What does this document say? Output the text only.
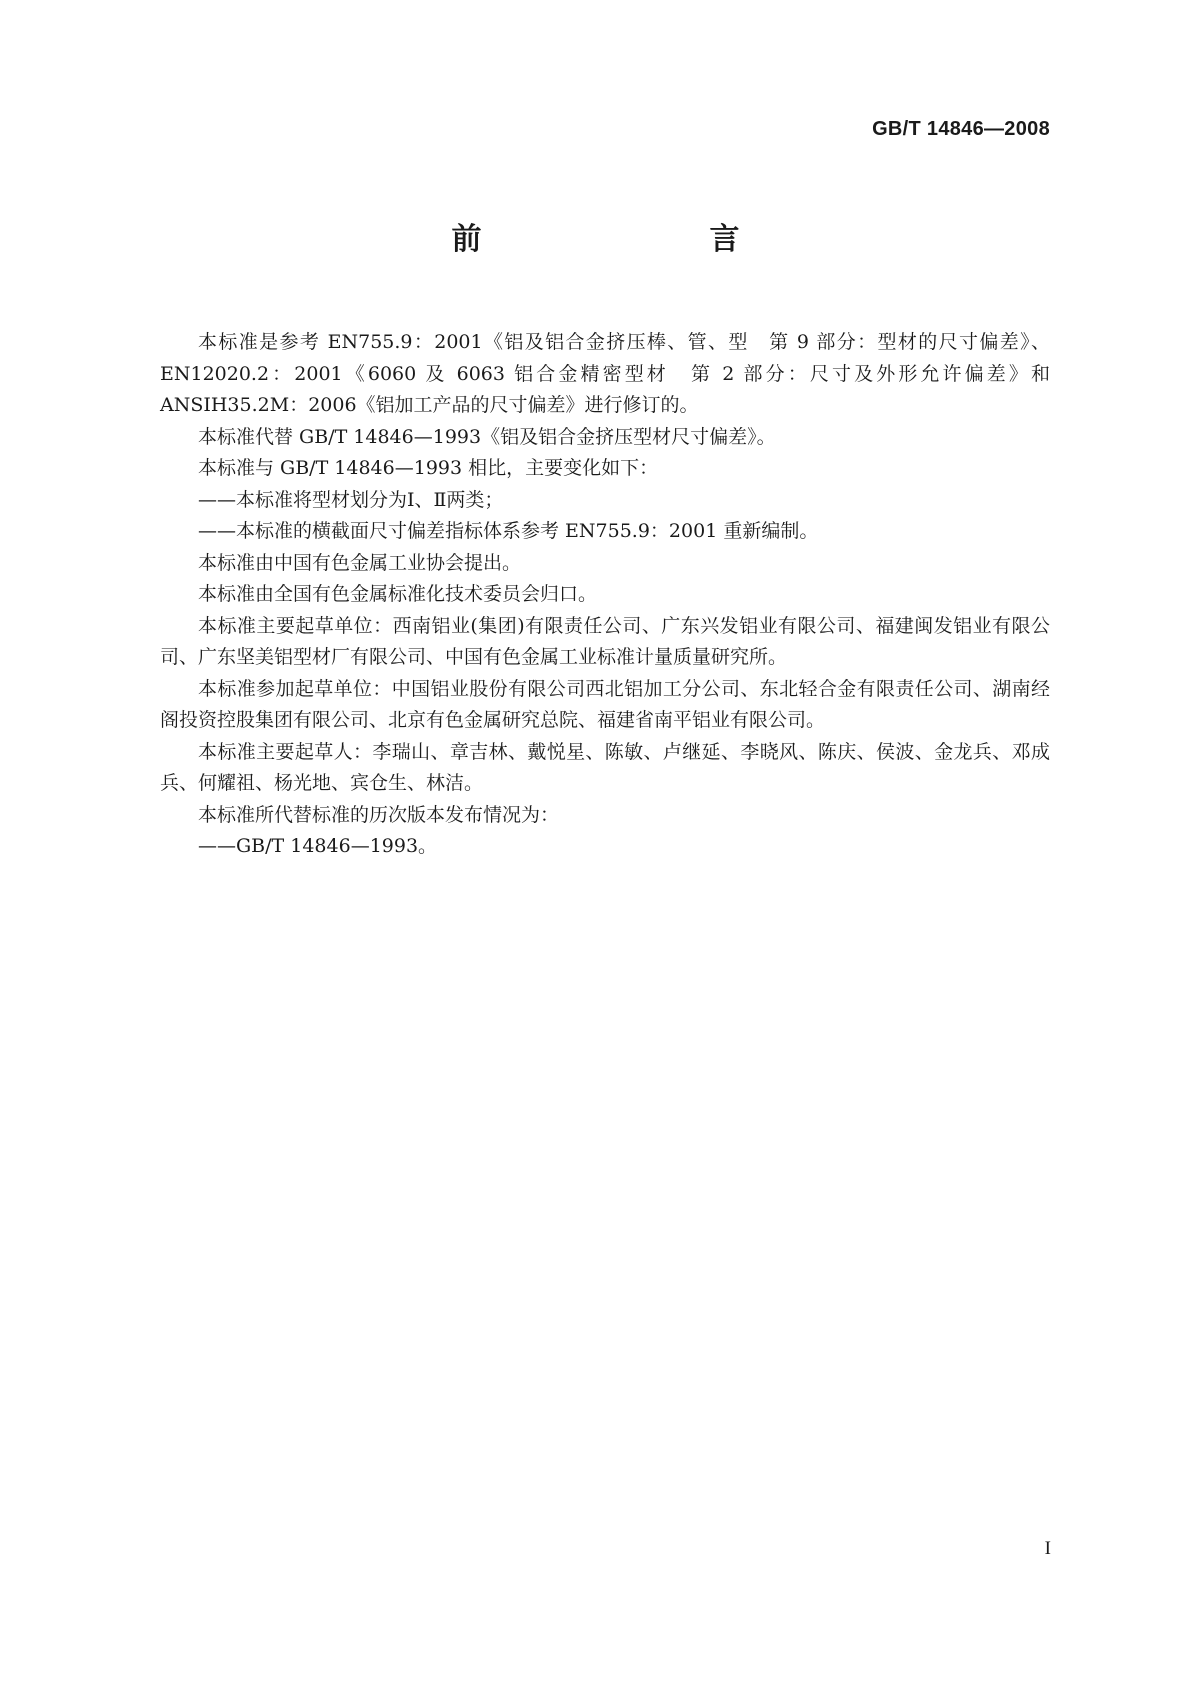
GB/T 14846—2008
前　　言

本标准是参考 EN755.9：2001《铝及铝合金挤压棒、管、型　第 9 部分：型材的尺寸偏差》、EN12020.2：2001《6060 及 6063 铝合金精密型材　第 2 部分：尺寸及外形允许偏差》和 ANSIH35.2M：2006《铝加工产品的尺寸偏差》进行修订的。

本标准代替 GB/T 14846—1993《铝及铝合金挤压型材尺寸偏差》。

本标准与 GB/T 14846—1993 相比，主要变化如下：

——本标准将型材划分为Ⅰ、Ⅱ两类；

——本标准的横截面尺寸偏差指标体系参考 EN755.9：2001 重新编制。

本标准由中国有色金属工业协会提出。

本标准由全国有色金属标准化技术委员会归口。

本标准主要起草单位：西南铝业(集团)有限责任公司、广东兴发铝业有限公司、福建闽发铝业有限公司、广东坚美铝型材厂有限公司、中国有色金属工业标准计量质量研究所。

本标准参加起草单位：中国铝业股份有限公司西北铝加工分公司、东北轻合金有限责任公司、湖南经阁投资控股集团有限公司、北京有色金属研究总院、福建省南平铝业有限公司。

本标准主要起草人：李瑞山、章吉林、戴悦星、陈敏、卢继延、李晓风、陈庆、侯波、金龙兵、邓成兵、何耀祖、杨光地、宾仓生、林洁。

本标准所代替标准的历次版本发布情况为：

——GB/T 14846—1993。

I
